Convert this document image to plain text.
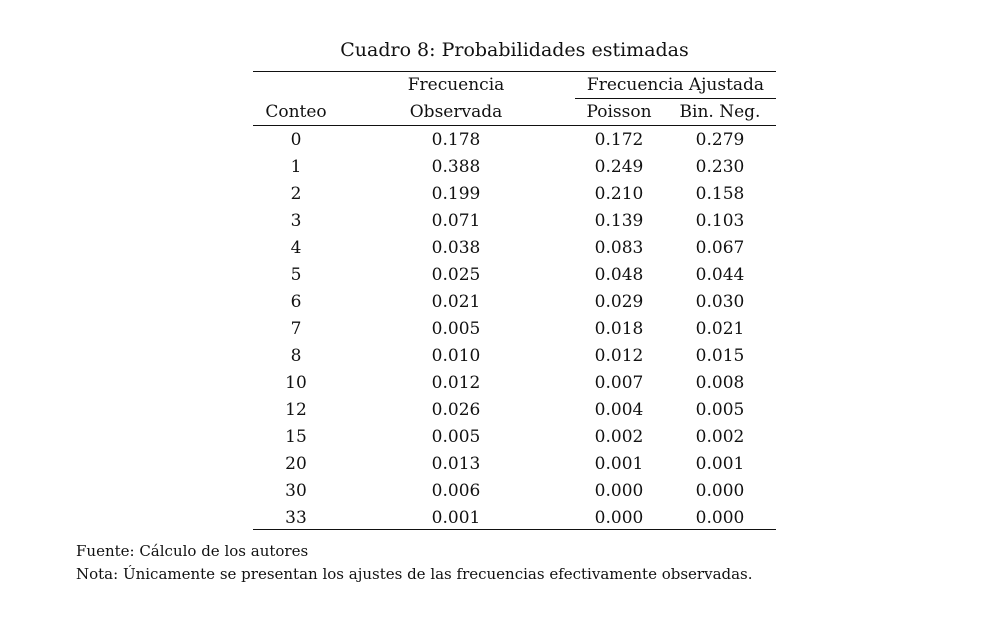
Cuadro 8: Probabilidades estimadas
Frecuencia	Frecuencia Ajustada
Conteo	Observada	Poisson	Bin. Neg.
0	0.178	0.172	0.279
1	0.388	0.249	0.230
2	0.199	0.210	0.158
3	0.071	0.139	0.103
4	0.038	0.083	0.067
5	0.025	0.048	0.044
6	0.021	0.029	0.030
7	0.005	0.018	0.021
8	0.010	0.012	0.015
10	0.012	0.007	0.008
12	0.026	0.004	0.005
15	0.005	0.002	0.002
20	0.013	0.001	0.001
30	0.006	0.000	0.000
33	0.001	0.000	0.000
Fuente: Cálculo de los autores
Nota: Únicamente se presentan los ajustes de las frecuencias efectivamente observadas.
